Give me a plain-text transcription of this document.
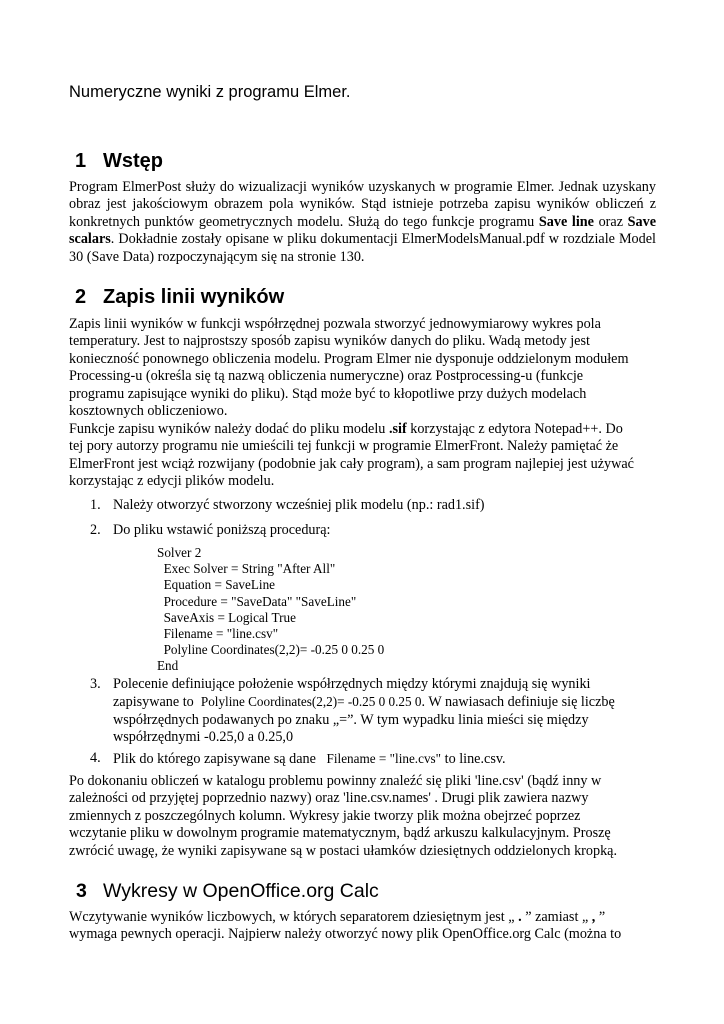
Numeryczne wyniki z programu Elmer.
1 Wstęp
Program ElmerPost służy do wizualizacji wyników uzyskanych w programie Elmer. Jednak uzyskany obraz jest jakościowym obrazem pola wyników. Stąd istnieje potrzeba zapisu wyników obliczeń z konkretnych punktów geometrycznych modelu. Służą do tego funkcje programu Save line oraz Save scalars. Dokładnie zostały opisane w pliku dokumentacji ElmerModelsManual.pdf w rozdziale Model 30 (Save Data) rozpoczynającym się na stronie 130.
2 Zapis linii wyników
Zapis linii wyników w funkcji współrzędnej pozwala stworzyć jednowymiarowy wykres pola
temperatury. Jest to najprostszy sposób zapisu wyników danych do pliku. Wadą metody jest
konieczność ponownego obliczenia modelu. Program Elmer nie dysponuje oddzielonym modułem
Processing-u (określa się tą nazwą obliczenia numeryczne) oraz Postprocessing-u (funkcje
programu zapisujące wyniki do pliku). Stąd może być to kłopotliwe przy dużych modelach
kosztownych obliczeniowo.
Funkcje zapisu wyników należy dodać do pliku modelu .sif korzystając z edytora Notepad++. Do
tej pory autorzy programu nie umieścili tej funkcji w programie ElmerFront. Należy pamiętać że
ElmerFront jest wciąż rozwijany (podobnie jak cały program), a sam program najlepiej jest używać
korzystając z edycji plików modelu.
1. Należy otworzyć stworzony wcześniej plik modelu (np.: rad1.sif)
2. Do pliku wstawić poniższą procedurą:
Solver 2
Exec Solver = String "After All"
Equation = SaveLine
Procedure = "SaveData" "SaveLine"
SaveAxis = Logical True
Filename = "line.csv"
Polyline Coordinates(2,2)= -0.25 0 0.25 0
End
3. Polecenie definiujące położenie współrzędnych między którymi znajdują się wyniki
zapisywane to  Polyline Coordinates(2,2)= -0.25 0 0.25 0. W nawiasach definiuje się liczbę
współrzędnych podawanych po znaku „=”. W tym wypadku linia mieści się między
współrzędnymi -0.25,0 a 0.25,0
4. Plik do którego zapisywane są dane   Filename = "line.cvs" to line.csv.
Po dokonaniu obliczeń w katalogu problemu powinny znaleźć się pliki 'line.csv' (bądź inny w
zależności od przyjętej poprzednio nazwy) oraz 'line.csv.names' . Drugi plik zawiera nazwy
zmiennych z poszczególnych kolumn. Wykresy jakie tworzy plik można obejrzeć poprzez
wczytanie pliku w dowolnym programie matematycznym, bądź arkuszu kalkulacyjnym. Proszę
zwrócić uwagę, że wyniki zapisywane są w postaci ułamków dziesiętnych oddzielonych kropką.
3 Wykresy w OpenOffice.org Calc
Wczytywanie wyników liczbowych, w których separatorem dziesiętnym jest „ . ” zamiast „ , ”
wymaga pewnych operacji. Najpierw należy otworzyć nowy plik OpenOffice.org Calc (można to
